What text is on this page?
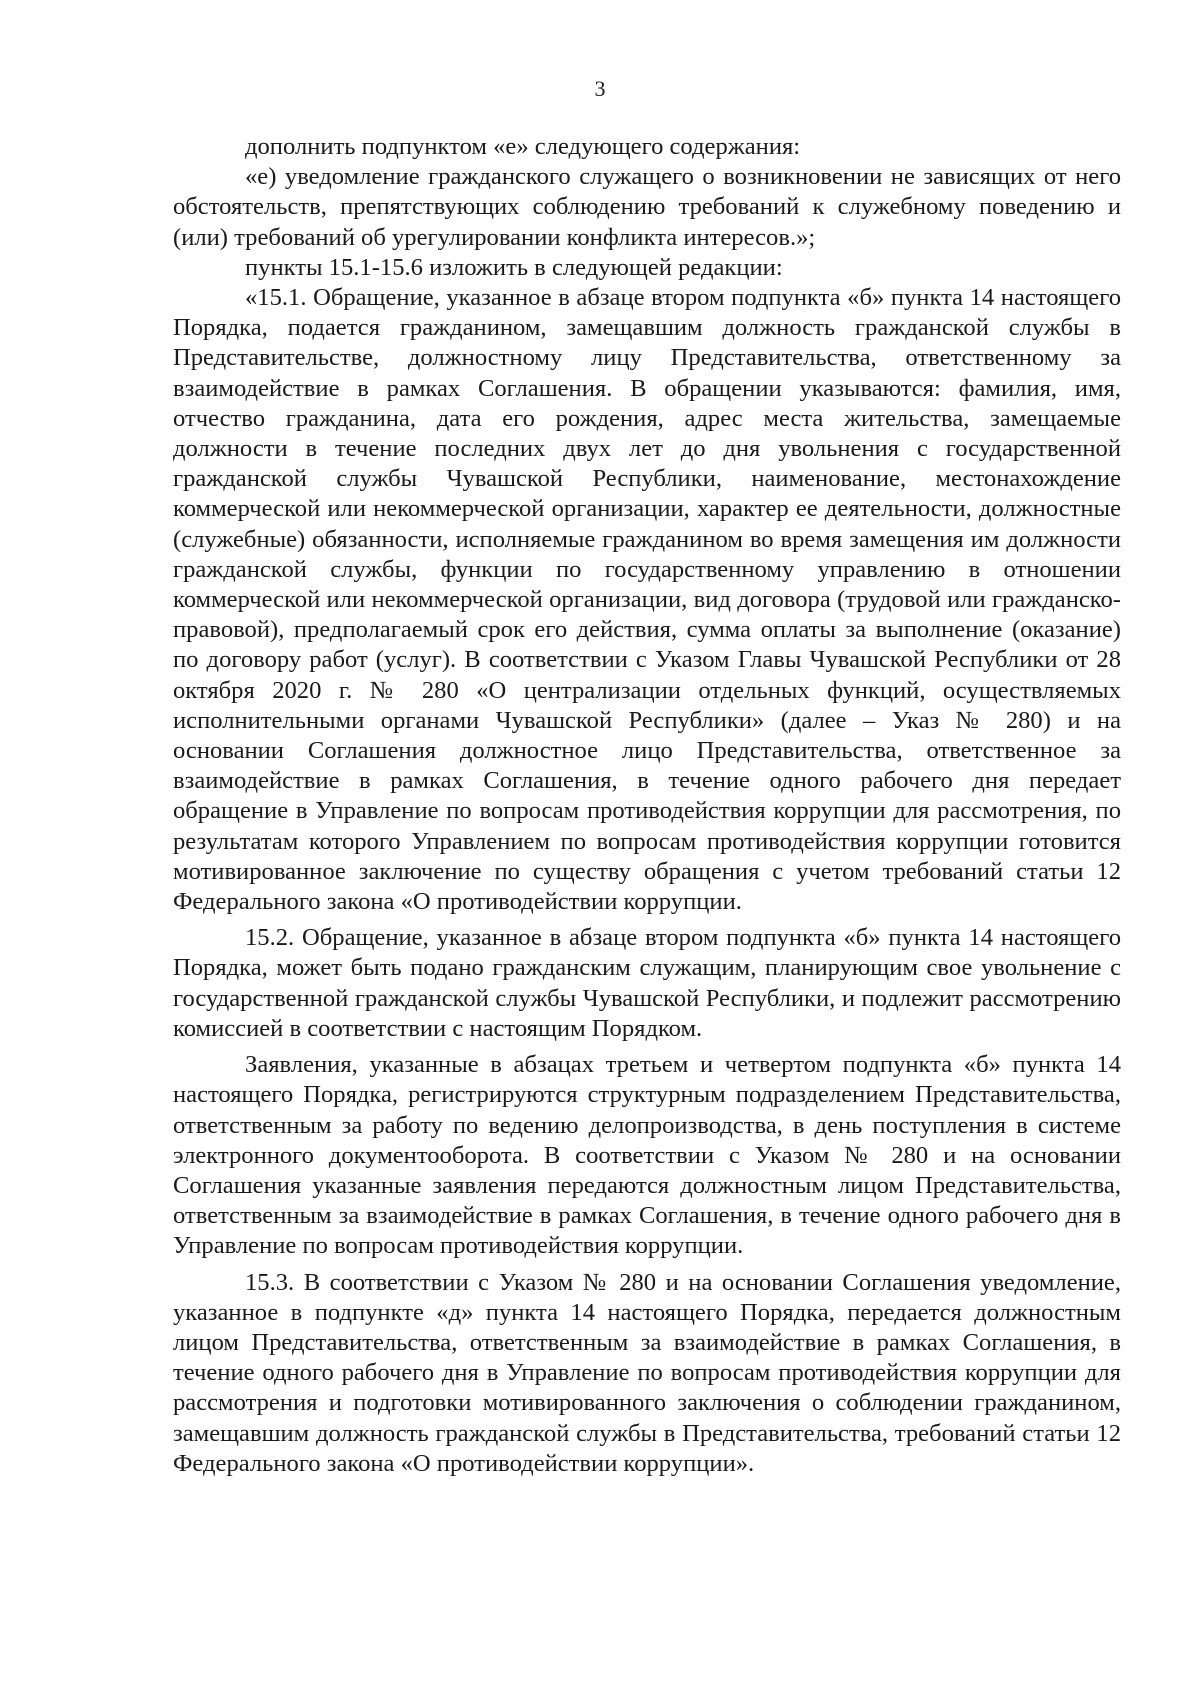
3

дополнить подпунктом «е» следующего содержания:

«е) уведомление гражданского служащего о возникновении не зависящих от него обстоятельств, препятствующих соблюдению требований к служебному поведению и (или) требований об урегулировании конфликта интересов.»;

пункты 15.1-15.6 изложить в следующей редакции:

«15.1. Обращение, указанное в абзаце втором подпункта «б» пункта 14 настоящего Порядка, подается гражданином, замещавшим должность гражданской службы в Представительстве, должностному лицу Представительства, ответственному за взаимодействие в рамках Соглашения. В обращении указываются: фамилия, имя, отчество гражданина, дата его рождения, адрес места жительства, замещаемые должности в течение последних двух лет до дня увольнения с государственной гражданской службы Чувашской Республики, наименование, местонахождение коммерческой или некоммерческой организации, характер ее деятельности, должностные (служебные) обязанности, исполняемые гражданином во время замещения им должности гражданской службы, функции по государственному управлению в отношении коммерческой или некоммерческой организации, вид договора (трудовой или гражданско-правовой), предполагаемый срок его действия, сумма оплаты за выполнение (оказание) по договору работ (услуг). В соответствии с Указом Главы Чувашской Республики от 28 октября 2020 г. № 280 «О централизации отдельных функций, осуществляемых исполнительными органами Чувашской Республики» (далее – Указ № 280) и на основании Соглашения должностное лицо Представительства, ответственное за взаимодействие в рамках Соглашения, в течение одного рабочего дня передает обращение в Управление по вопросам противодействия коррупции для рассмотрения, по результатам которого Управлением по вопросам противодействия коррупции готовится мотивированное заключение по существу обращения с учетом требований статьи 12 Федерального закона «О противодействии коррупции.

15.2. Обращение, указанное в абзаце втором подпункта «б» пункта 14 настоящего Порядка, может быть подано гражданским служащим, планирующим свое увольнение с государственной гражданской службы Чувашской Республики, и подлежит рассмотрению комиссией в соответствии с настоящим Порядком.

Заявления, указанные в абзацах третьем и четвертом подпункта «б» пункта 14 настоящего Порядка, регистрируются структурным подразделением Представительства, ответственным за работу по ведению делопроизводства, в день поступления в системе электронного документооборота. В соответствии с Указом № 280 и на основании Соглашения указанные заявления передаются должностным лицом Представительства, ответственным за взаимодействие в рамках Соглашения, в течение одного рабочего дня в Управление по вопросам противодействия коррупции.

15.3. В соответствии с Указом № 280 и на основании Соглашения уведомление, указанное в подпункте «д» пункта 14 настоящего Порядка, передается должностным лицом Представительства, ответственным за взаимодействие в рамках Соглашения, в течение одного рабочего дня в Управление по вопросам противодействия коррупции для рассмотрения и подготовки мотивированного заключения о соблюдении гражданином, замещавшим должность гражданской службы в Представительства, требований статьи 12 Федерального закона «О противодействии коррупции».
